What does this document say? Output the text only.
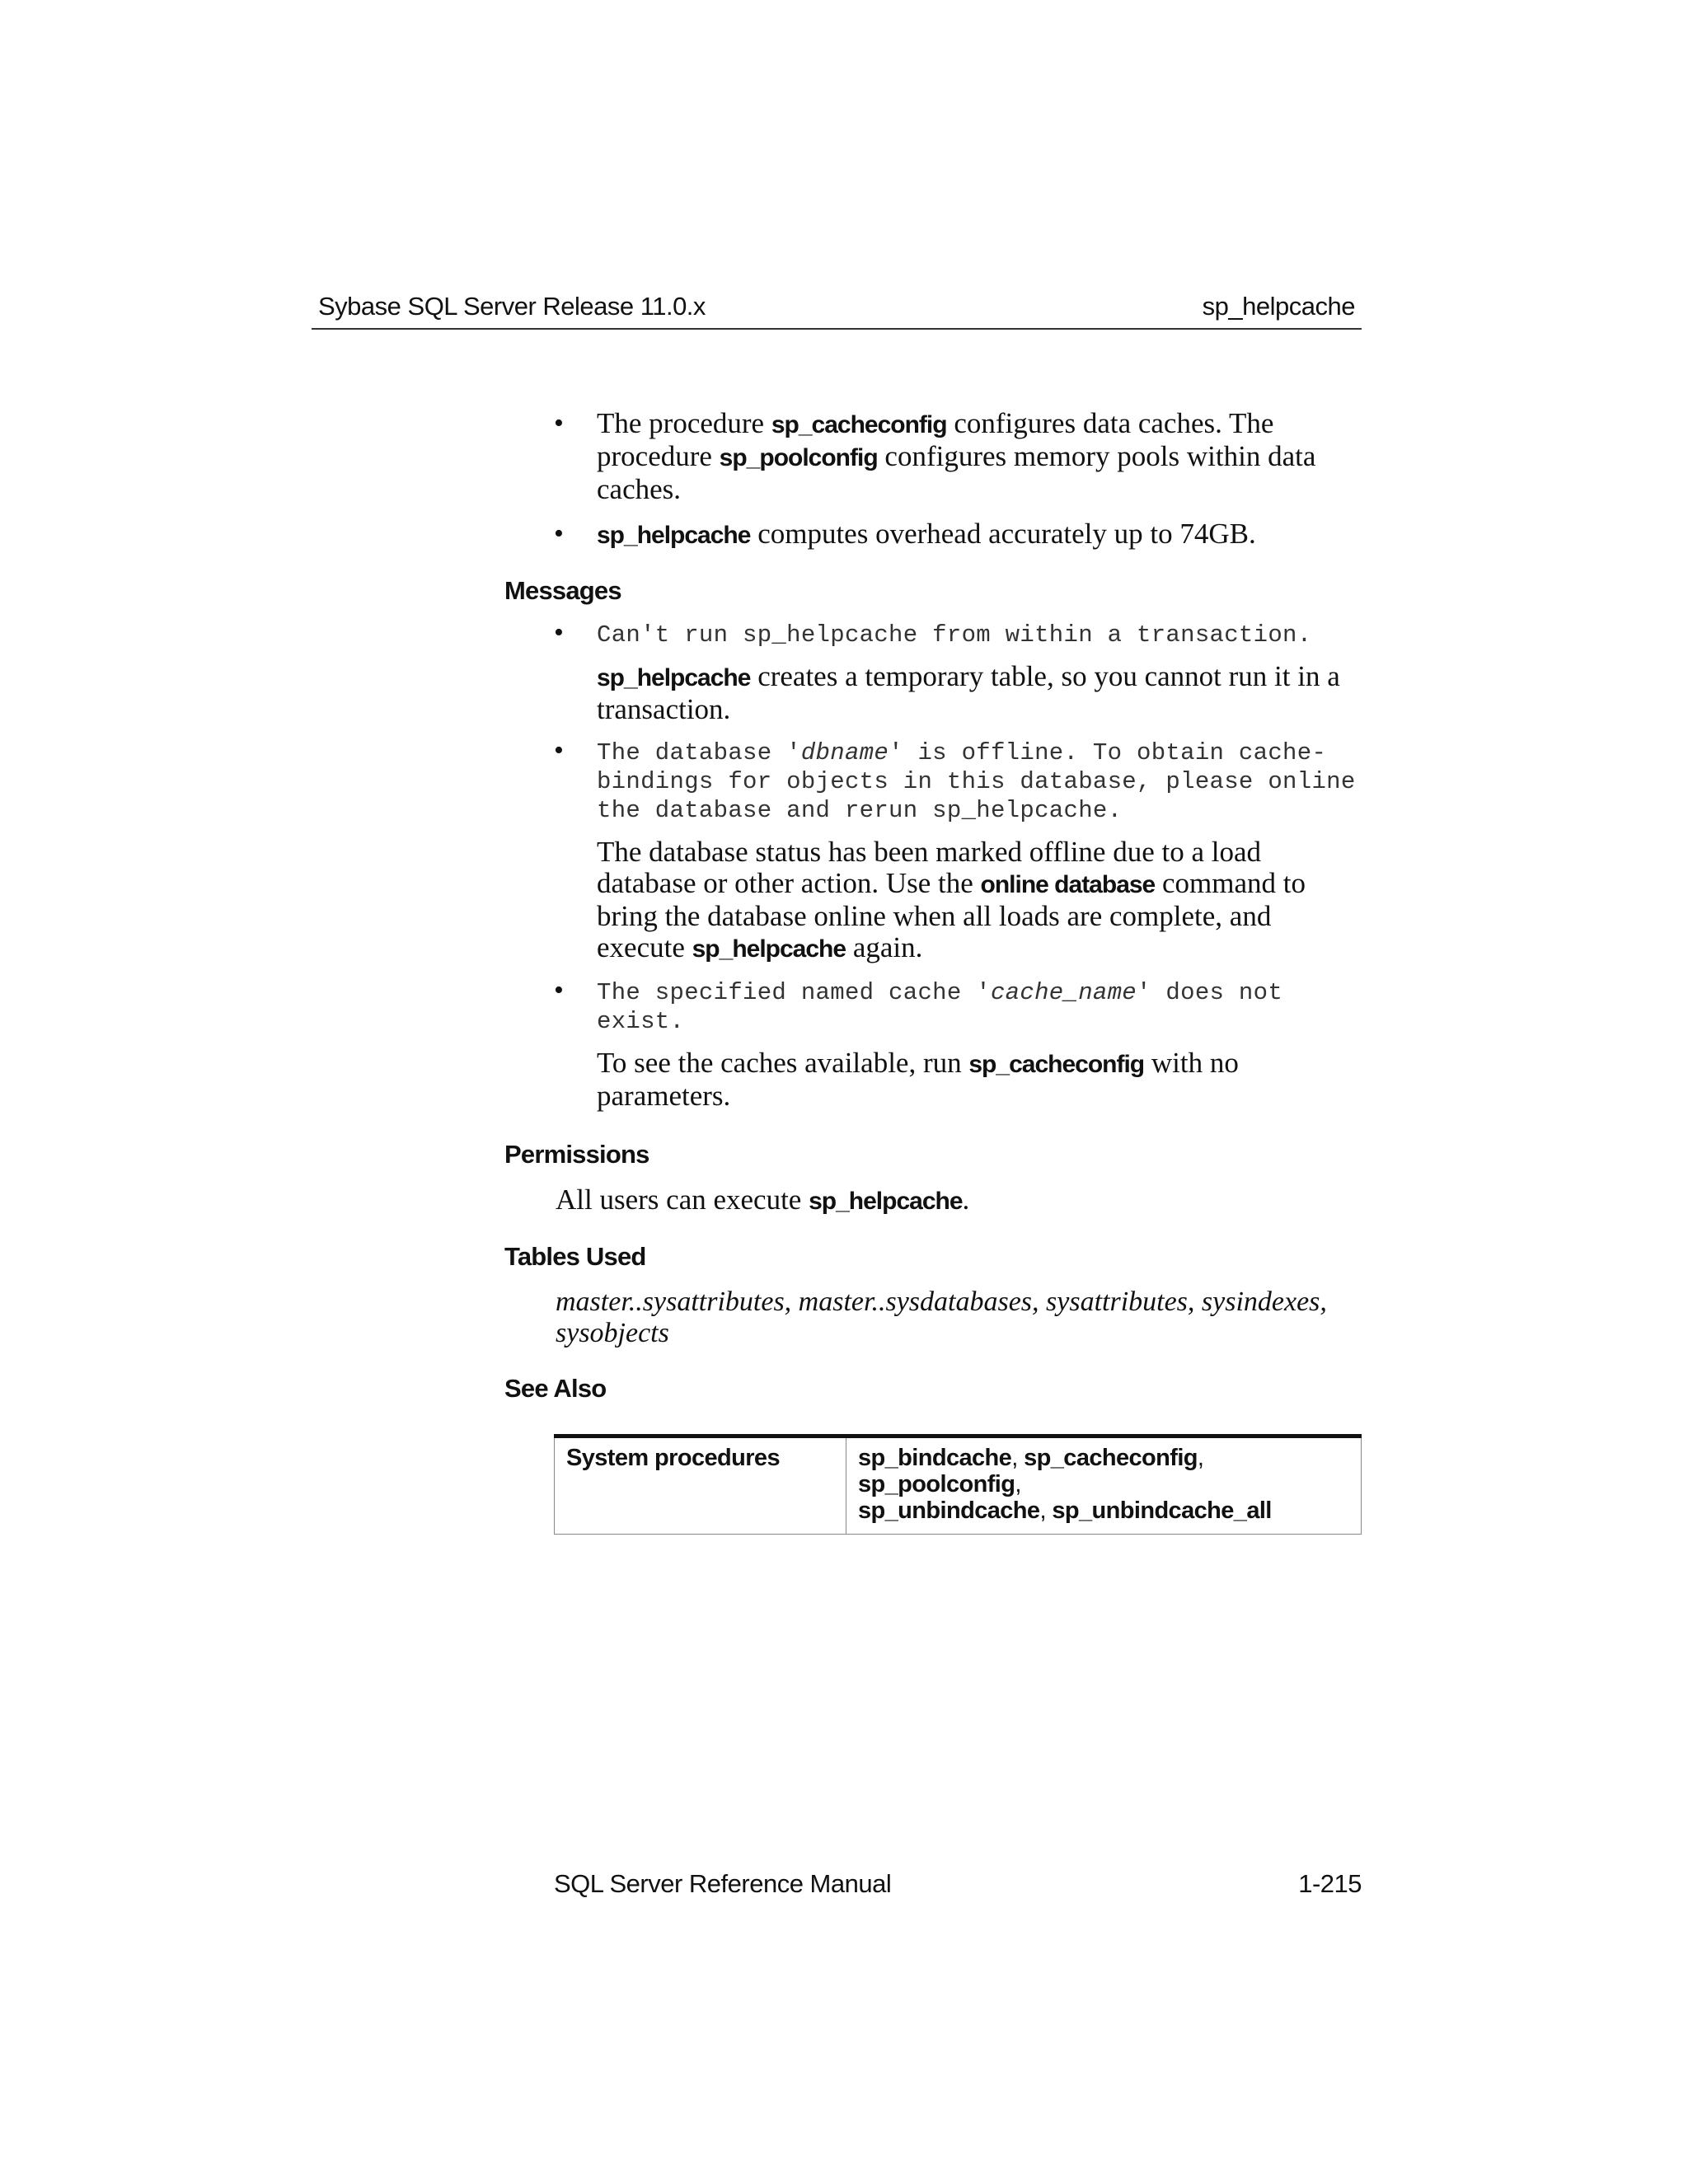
Sybase SQL Server Release 11.0.x	sp_helpcache
• The procedure sp_cacheconfig configures data caches. The procedure sp_poolconfig configures memory pools within data caches.
• sp_helpcache computes overhead accurately up to 74GB.
Messages
• Can't run sp_helpcache from within a transaction.
sp_helpcache creates a temporary table, so you cannot run it in a transaction.
• The database 'dbname' is offline. To obtain cache-bindings for objects in this database, please online the database and rerun sp_helpcache.
The database status has been marked offline due to a load database or other action. Use the online database command to bring the database online when all loads are complete, and execute sp_helpcache again.
• The specified named cache 'cache_name' does not exist.
To see the caches available, run sp_cacheconfig with no parameters.
Permissions
All users can execute sp_helpcache.
Tables Used
master..sysattributes, master..sysdatabases, sysattributes, sysindexes, sysobjects
See Also
System procedures	sp_bindcache, sp_cacheconfig, sp_poolconfig,
sp_unbindcache, sp_unbindcache_all
SQL Server Reference Manual	1-215
